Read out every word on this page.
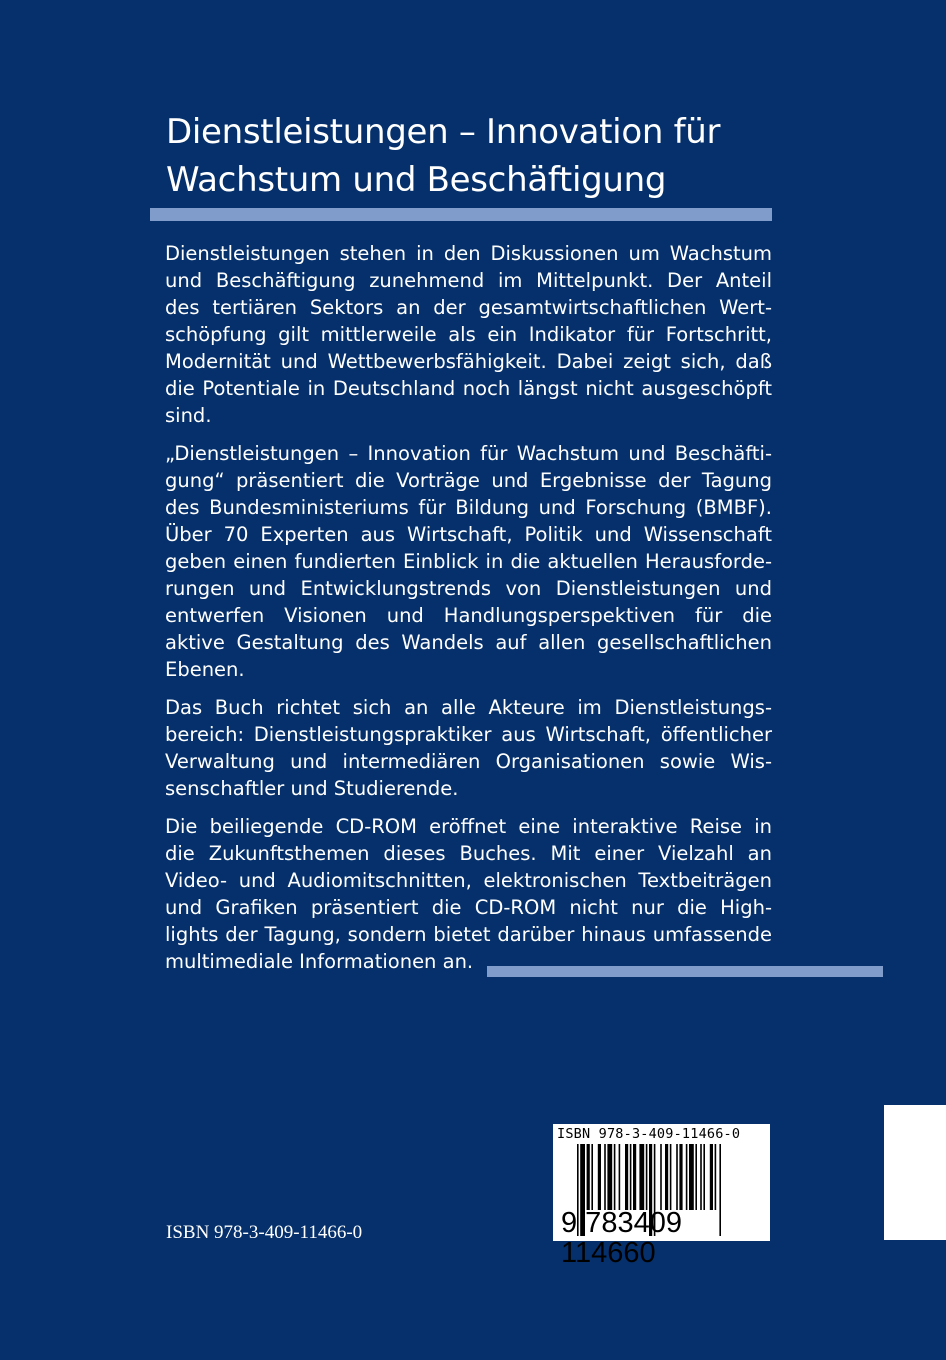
Dienstleistungen – Innovation für
Wachstum und Beschäftigung
Dienstleistungen stehen in den Diskussionen um Wachstum
und Beschäftigung zunehmend im Mittelpunkt. Der Anteil
des tertiären Sektors an der gesamtwirtschaftlichen Wert-
schöpfung gilt mittlerweile als ein Indikator für Fortschritt,
Modernität und Wettbewerbsfähigkeit. Dabei zeigt sich, daß
die Potentiale in Deutschland noch längst nicht ausgeschöpft
sind.
„Dienstleistungen – Innovation für Wachstum und Beschäfti-
gung“ präsentiert die Vorträge und Ergebnisse der Tagung
des Bundesministeriums für Bildung und Forschung (BMBF).
Über 70 Experten aus Wirtschaft, Politik und Wissenschaft
geben einen fundierten Einblick in die aktuellen Herausforde-
rungen und Entwicklungstrends von Dienstleistungen und
entwerfen Visionen und Handlungsperspektiven für die
aktive Gestaltung des Wandels auf allen gesellschaftlichen
Ebenen.
Das Buch richtet sich an alle Akteure im Dienstleistungs-
bereich: Dienstleistungspraktiker aus Wirtschaft, öffentlicher
Verwaltung und intermediären Organisationen sowie Wis-
senschaftler und Studierende.
Die beiliegende CD-ROM eröffnet eine interaktive Reise in
die Zukunftsthemen dieses Buches. Mit einer Vielzahl an
Video- und Audiomitschnitten, elektronischen Textbeiträgen
und Grafiken präsentiert die CD-ROM nicht nur die High-
lights der Tagung, sondern bietet darüber hinaus umfassende
multimediale Informationen an.
ISBN 978-3-409-11466-0
9 783409 114660
ISBN 978-3-409-11466-0
